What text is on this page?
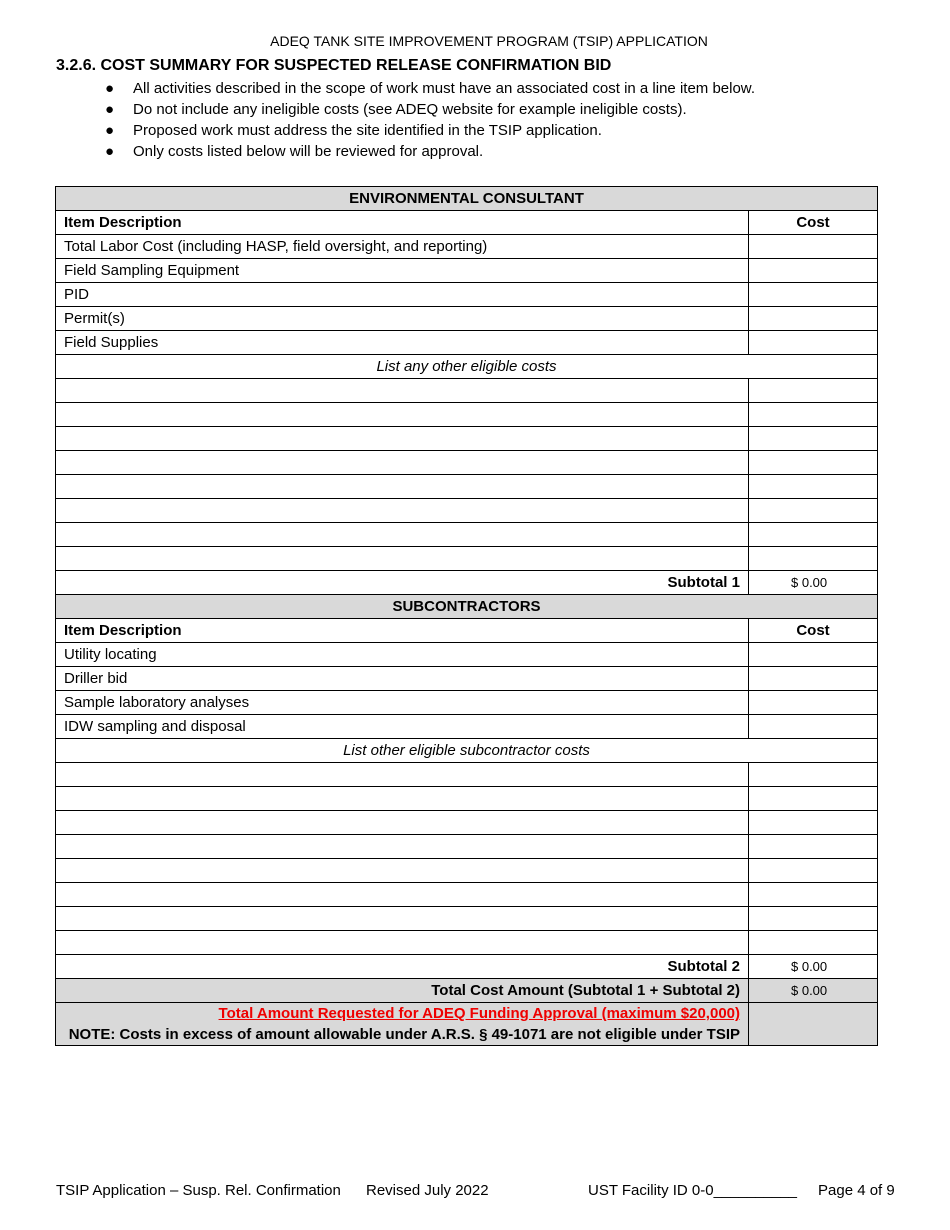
ADEQ TANK SITE IMPROVEMENT PROGRAM (TSIP) APPLICATION
3.2.6. COST SUMMARY FOR SUSPECTED RELEASE CONFIRMATION BID
● All activities described in the scope of work must have an associated cost in a line item below.
● Do not include any ineligible costs (see ADEQ website for example ineligible costs).
● Proposed work must address the site identified in the TSIP application.
● Only costs listed below will be reviewed for approval.
ENVIRONMENTAL CONSULTANT	
Item Description	Cost
Total Labor Cost (including HASP, field oversight, and reporting)	
Field Sampling Equipment	
PID	
Permit(s)	
Field Supplies	
List any other eligible costs	

Subtotal 1	$ 0.00
SUBCONTRACTORS	
Item Description	Cost
Utility locating	
Driller bid	
Sample laboratory analyses	
IDW sampling and disposal	
List other eligible subcontractor costs	

Subtotal 2	$ 0.00
Total Cost Amount (Subtotal 1 + Subtotal 2)	$ 0.00
Total Amount Requested for ADEQ Funding Approval (maximum $20,000)
NOTE: Costs in excess of amount allowable under A.R.S. § 49-1071 are not eligible under TSIP	
TSIP Application – Susp. Rel. Confirmation Revised July 2022	UST Facility ID 0-0__________ Page 4 of 9
